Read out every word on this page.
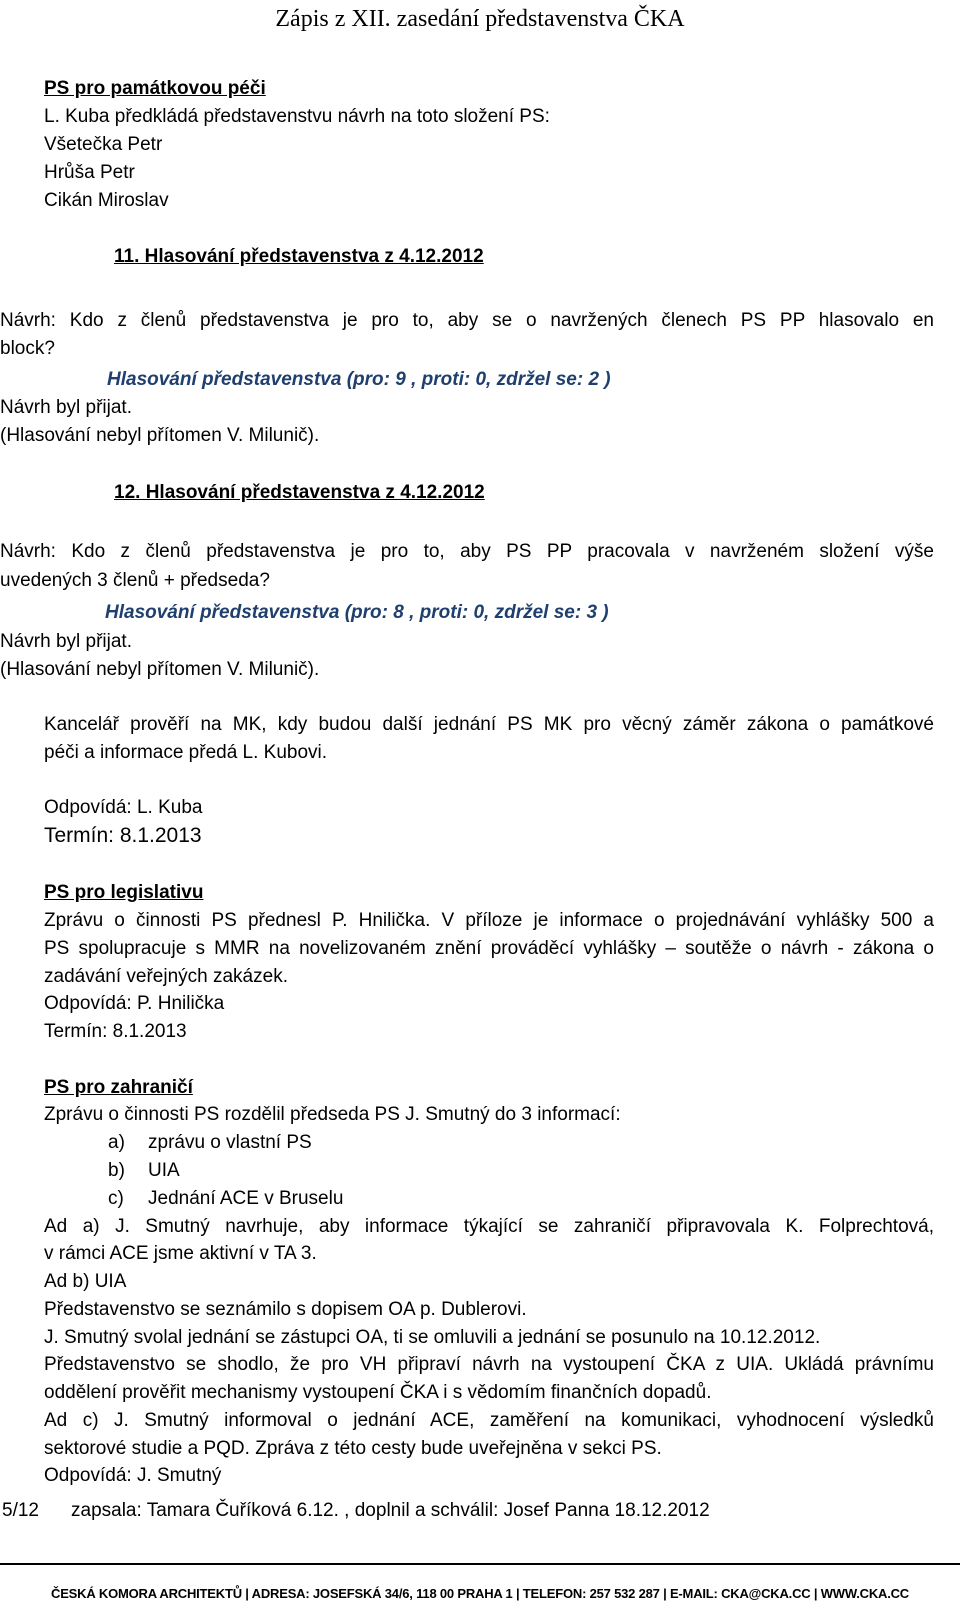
Zápis z XII. zasedání představenstva ČKA
PS pro památkovou péči
L. Kuba předkládá představenstvu návrh na toto složení PS:
Všetečka Petr
Hrůša Petr
Cikán Miroslav
11. Hlasování představenstva z 4.12.2012
Návrh: Kdo z členů představenstva je pro to, aby se o navržených členech PS PP hlasovalo en
block?
Hlasování představenstva (pro: 9 , proti: 0, zdržel se: 2 )
Návrh byl přijat.
(Hlasování nebyl přítomen V. Milunič).
12. Hlasování představenstva z 4.12.2012
Návrh: Kdo z členů představenstva je pro to, aby PS PP pracovala v navrženém složení výše
uvedených 3 členů + předseda?
Hlasování představenstva (pro: 8 , proti: 0, zdržel se: 3 )
Návrh byl přijat.
(Hlasování nebyl přítomen V. Milunič).
Kancelář prověří na MK, kdy budou další jednání PS MK pro věcný záměr zákona o památkové
péči a informace předá L. Kubovi.
Odpovídá: L. Kuba
Termín: 8.1.2013
PS pro legislativu
Zprávu o činnosti PS přednesl P. Hnilička. V příloze je informace o projednávání vyhlášky 500 a
PS spolupracuje s MMR na novelizovaném znění prováděcí vyhlášky – soutěže o návrh - zákona o
zadávání veřejných zakázek.
Odpovídá: P. Hnilička
Termín: 8.1.2013
PS pro zahraničí
Zprávu o činnosti PS rozdělil předseda PS J. Smutný do 3 informací:
a) zprávu o vlastní PS
b) UIA
c) Jednání ACE v Bruselu
Ad a) J. Smutný navrhuje, aby informace týkající se zahraničí připravovala K. Folprechtová,
v rámci ACE jsme aktivní v TA 3.
Ad b) UIA
Představenstvo se seznámilo s dopisem OA p. Dublerovi.
J. Smutný svolal jednání se zástupci OA, ti se omluvili a jednání se posunulo na 10.12.2012.
Představenstvo se shodlo, že pro VH připraví návrh na vystoupení ČKA z UIA. Ukládá právnímu
oddělení prověřit mechanismy vystoupení ČKA i s vědomím finančních dopadů.
Ad c) J. Smutný informoval o jednání ACE, zaměření na komunikaci, vyhodnocení výsledků
sektorové studie a PQD. Zpráva z této cesty bude uveřejněna v sekci PS.
Odpovídá: J. Smutný
5/12 zapsala: Tamara Čuříková 6.12. , doplnil a schválil: Josef Panna 18.12.2012
ČESKÁ KOMORA ARCHITEKTŮ | ADRESA: JOSEFSKÁ 34/6, 118 00 PRAHA 1 | TELEFON: 257 532 287 | E-MAIL: CKA@CKA.CC | WWW.CKA.CC
